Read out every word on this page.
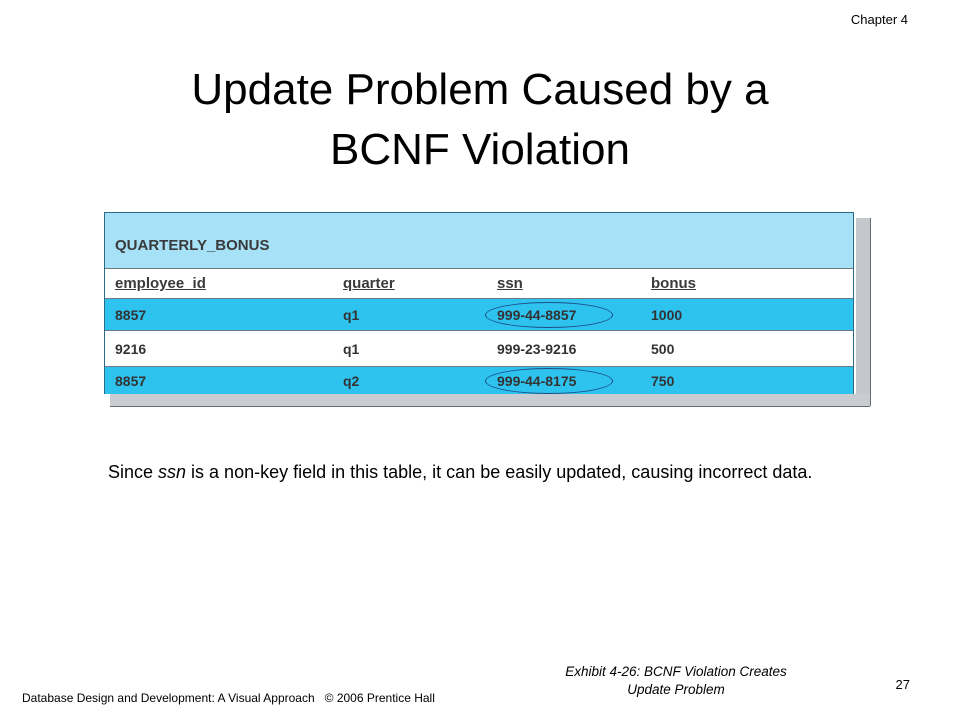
Chapter 4
Update Problem Caused by a
BCNF Violation
QUARTERLY_BONUS
employee_id	quarter	ssn	bonus
8857	q1	999-44-8857	1000
9216	q1	999-23-9216	500
8857	q2	999-44-8175	750

Since ssn is a non-key field in this table, it can be easily updated, causing incorrect data.

Exhibit 4-26: BCNF Violation Creates
Update Problem
Database Design and Development: A Visual Approach © 2006 Prentice Hall
27
